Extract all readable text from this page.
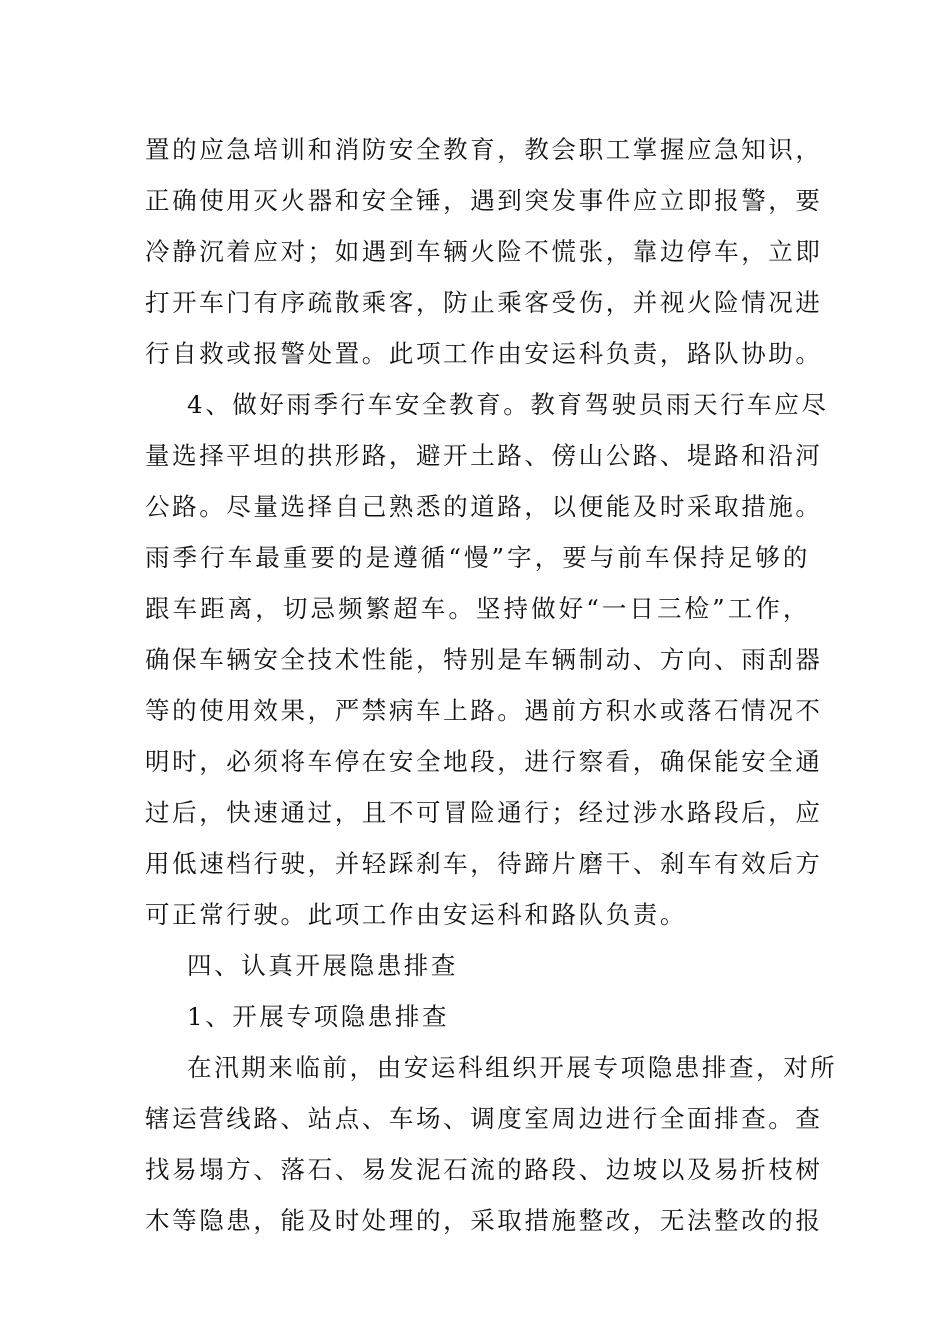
置的应急培训和消防安全教育，教会职工掌握应急知识，
正确使用灭火器和安全锤，遇到突发事件应立即报警，要
冷静沉着应对；如遇到车辆火险不慌张，靠边停车，立即
打开车门有序疏散乘客，防止乘客受伤，并视火险情况进
行自救或报警处置。此项工作由安运科负责，路队协助。
4、做好雨季行车安全教育。教育驾驶员雨天行车应尽
量选择平坦的拱形路，避开土路、傍山公路、堤路和沿河
公路。尽量选择自己熟悉的道路，以便能及时采取措施。
雨季行车最重要的是遵循“慢”字，要与前车保持足够的
跟车距离，切忌频繁超车。坚持做好“一日三检”工作，
确保车辆安全技术性能，特别是车辆制动、方向、雨刮器
等的使用效果，严禁病车上路。遇前方积水或落石情况不
明时，必须将车停在安全地段，进行察看，确保能安全通
过后，快速通过，且不可冒险通行；经过涉水路段后，应
用低速档行驶，并轻踩刹车，待蹄片磨干、刹车有效后方
可正常行驶。此项工作由安运科和路队负责。
四、认真开展隐患排查
1、开展专项隐患排查
在汛期来临前，由安运科组织开展专项隐患排查，对所
辖运营线路、站点、车场、调度室周边进行全面排查。查
找易塌方、落石、易发泥石流的路段、边坡以及易折枝树
木等隐患，能及时处理的，采取措施整改，无法整改的报
